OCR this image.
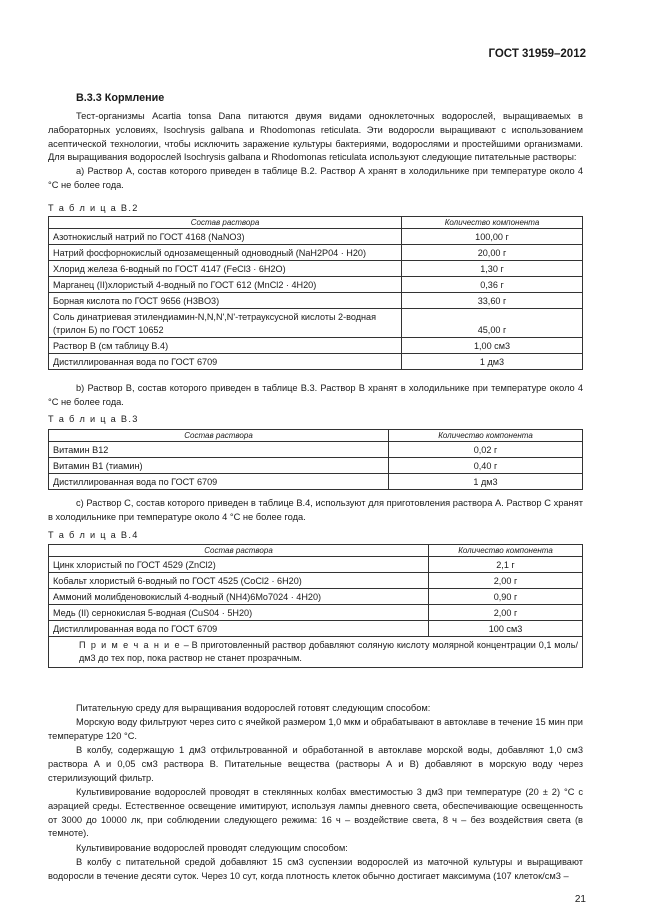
ГОСТ 31959–2012
В.3.3 Кормление

Тест-организмы Acartia tonsa Dana питаются двумя видами одноклеточных водорослей, выращиваемых в лабораторных условиях, Isochrysis galbana и Rhodomonas reticulata. Эти водоросли выращивают с использованием асептической технологии, чтобы исключить заражение культуры бактериями, водорослями и простейшими организмами. Для выращивания водорослей Isochrysis galbana и Rhodomonas reticulata используют следующие питательные растворы:

а) Раствор А, состав которого приведен в таблице В.2. Раствор А хранят в холодильнике при температуре около 4 °С не более года.

Т а б л и ц а В.2
Состав раствора	Количество компонента
Азотнокислый натрий по ГОСТ 4168 (NaNO3)	100,00 г
Натрий фосфорнокислый однозамещенный одноводный (NaH2P04 · H20)	20,00 г
Хлорид железа 6-водный по ГОСТ 4147 (FeCl3 · 6H2O)	1,30 г
Марганец (II)хлористый 4-водный по ГОСТ 612 (MnCl2 · 4H20)	0,36 г
Борная кислота по ГОСТ 9656 (H3BO3)	33,60 г
Соль динатриевая этилендиамин-N,N,N',N'-тетрауксусной кислоты 2-водная (трилон Б) по ГОСТ 10652	45,00 г
Раствор В (см таблицу В.4)	1,00 см3
Дистиллированная вода по ГОСТ 6709	1 дм3

b) Раствор В, состав которого приведен в таблице В.3. Раствор В хранят в холодильнике при температуре около 4 °С не более года.

Т а б л и ц а В.3
Состав раствора	Количество компонента
Витамин B12	0,02 г
Витамин B1 (тиамин)	0,40 г
Дистиллированная вода по ГОСТ 6709	1 дм3

с) Раствор С, состав которого приведен в таблице В.4, используют для приготовления раствора А. Раствор С хранят в холодильнике при температуре около 4 °С не более года.

Т а б л и ц а В.4
Состав раствора	Количество компонента
Цинк хлористый по ГОСТ 4529 (ZnCl2)	2,1 г
Кобальт хлористый 6-водный по ГОСТ 4525 (CoCl2 · 6H20)	2,00 г
Аммоний молибденовокислый 4-водный (NH4)6Mo7024 · 4H20)	0,90 г
Медь (II) сернокислая 5-водная (CuS04 · 5H20)	2,00 г
Дистиллированная вода по ГОСТ 6709	100 см3
П р и м е ч а н и е – В приготовленный раствор добавляют соляную кислоту молярной концентрации 0,1 моль/дм3 до тех пор, пока раствор не станет прозрачным.	

Питательную среду для выращивания водорослей готовят следующим способом:

Морскую воду фильтруют через сито с ячейкой размером 1,0 мкм и обрабатывают в автоклаве в течение 15 мин при температуре 120 °С.

В колбу, содержащую 1 дм3 отфильтрованной и обработанной в автоклаве морской воды, добавляют 1,0 см3 раствора А и 0,05 см3 раствора В. Питательные вещества (растворы А и В) добавляют в морскую воду через стерилизующий фильтр.

Культивирование водорослей проводят в стеклянных колбах вместимостью 3 дм3 при температуре (20 ± 2) °С с аэрацией среды. Естественное освещение имитируют, используя лампы дневного света, обеспечивающие освещенность от 3000 до 10000 лк, при соблюдении следующего режима: 16 ч – воздействие света, 8 ч – без воздействия света (в темноте).

Культивирование водорослей проводят следующим способом:

В колбу с питательной средой добавляют 15 см3 суспензии водорослей из маточной культуры и выращивают водоросли в течение десяти суток. Через 10 сут, когда плотность клеток обычно достигает максимума (107 клеток/см3 –

21
